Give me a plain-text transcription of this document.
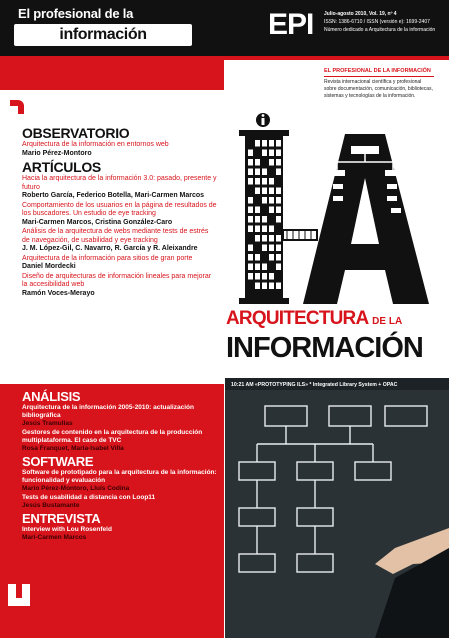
El profesional de la
información	EPI Julio-agosto 2010, Vol. 19, nº 4
ISSN: 1386-6710 / ISSN (versión e): 1699-2407
Número dedicado a Arquitectura de la información
EL PROFESIONAL DE LA INFORMACIÓN
Revista internacional científica y profesional sobre documentación, comunicación, bibliotecas, sistemas y tecnologías de la información.
OBSERVATORIO
Arquitectura de la información en entornos web
Mario Pérez-Montoro
ARTÍCULOS
Hacia la arquitectura de la información 3.0: pasado, presente y futuro
Roberto García, Federico Botella, Mari-Carmen Marcos
Comportamiento de los usuarios en la página de resultados de los buscadores. Un estudio de eye tracking
Mari-Carmen Marcos, Cristina González-Caro
Análisis de la arquitectura de webs mediante tests de estrés de navegación, de usabilidad y eye tracking
J. M. López-Gil, C. Navarro, R. García y R. Aleixandre
Arquitectura de la información para sitios de gran porte
Daniel Mordecki
Diseño de arquitecturas de información lineales para mejorar la accesibilidad web
Ramón Voces-Merayo
ANÁLISIS
Arquitectura de la información 2005-2010: actualización bibliográfica
Jesús Tramullas
Gestores de contenido en la arquitectura de la producción multiplataforma. El caso de TVC
Rosa Franquet, María-Isabel Villa
SOFTWARE
Software de prototipado para la arquitectura de la información: funcionalidad y evaluación
Mario Pérez-Montoro, Lluís Codina
Tests de usabilidad a distancia con Loop11
Jesús Bustamante
ENTREVISTA
Interview with Lou Rosenfeld
Mari-Carmen Marcos
ARQUITECTURA DE LA
INFORMACIÓN
10:21 AM «PROTOTYPING ILS» * Integrated Library System + OPAC
